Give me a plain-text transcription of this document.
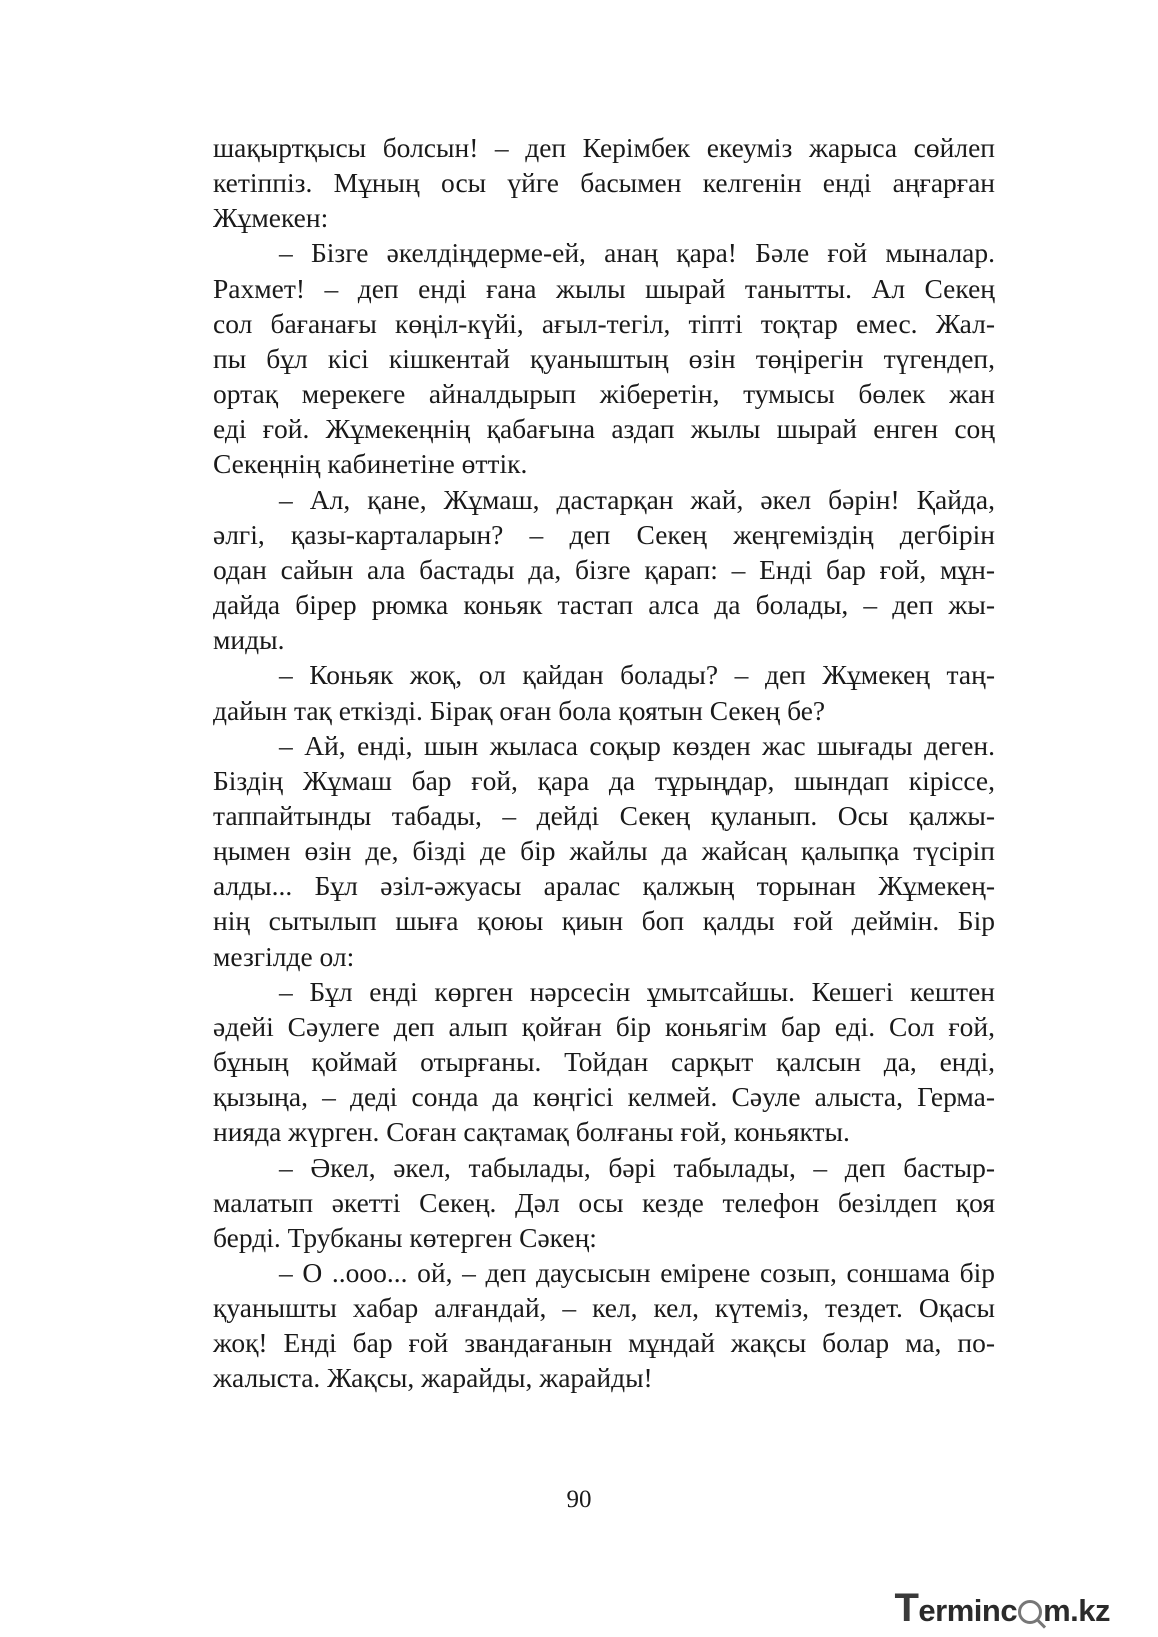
шақыртқысы болсын! – деп Керімбек екеуміз жарыса сөйлеп
кетіппіз. Мұның осы үйге басымен келгенін енді аңғарған
Жұмекен:
– Бізге әкелдіңдерме-ей, анаң қара! Бәле ғой мыналар.
Рахмет! – деп енді ғана жылы шырай танытты. Ал Секең
сол бағанағы көңіл-күйі, ағыл-тегіл, тіпті тоқтар емес. Жал-
пы бұл кісі кішкентай қуаныштың өзін төңірегін түгендеп,
ортақ мерекеге айналдырып жіберетін, тумысы бөлек жан
еді ғой. Жұмекеңнің қабағына аздап жылы шырай енген соң
Секеңнің кабинетіне өттік.
– Ал, қане, Жұмаш, дастарқан жай, әкел бәрін! Қайда,
әлгі, қазы-карталарын? – деп Секең жеңгеміздің дегбірін
одан сайын ала бастады да, бізге қарап: – Енді бар ғой, мұн-
дайда бірер рюмка коньяк тастап алса да болады, – деп жы-
миды.
– Коньяк жоқ, ол қайдан болады? – деп Жұмекең таң-
дайын тақ еткізді. Бірақ оған бола қоятын Секең бе?
– Ай, енді, шын жыласа соқыр көзден жас шығады деген.
Біздің Жұмаш бар ғой, қара да тұрыңдар, шындап кіріссе,
таппайтынды табады, – дейді Секең қуланып. Осы қалжы-
ңымен өзін де, бізді де бір жайлы да жайсаң қалыпқа түсіріп
алды... Бұл әзіл-әжуасы аралас қалжың торынан Жұмекең-
нің сытылып шыға қоюы қиын боп қалды ғой деймін. Бір
мезгілде ол:
– Бұл енді көрген нәрсесін ұмытсайшы. Кешегі кештен
әдейі Сәулеге деп алып қойған бір коньягім бар еді. Сол ғой,
бұның қоймай отырғаны. Тойдан сарқыт қалсын да, енді,
қызыңа, – деді сонда да көңгісі келмей. Сәуле алыста, Герма-
нияда жүрген. Соған сақтамақ болғаны ғой, коньякты.
– Әкел, әкел, табылады, бәрі табылады, – деп бастыр-
малатып әкетті Секең. Дәл осы кезде телефон безілдеп қоя
берді. Трубканы көтерген Сәкең:
– О ..ооо... ой, – деп даусысын емірене созып, соншама бір
қуанышты хабар алғандай, – кел, кел, күтеміз, тездет. Оқасы
жоқ! Енді бар ғой звандағанын мұндай жақсы болар ма, по-
жалыста. Жақсы, жарайды, жарайды!
90
Terminc m.kz
